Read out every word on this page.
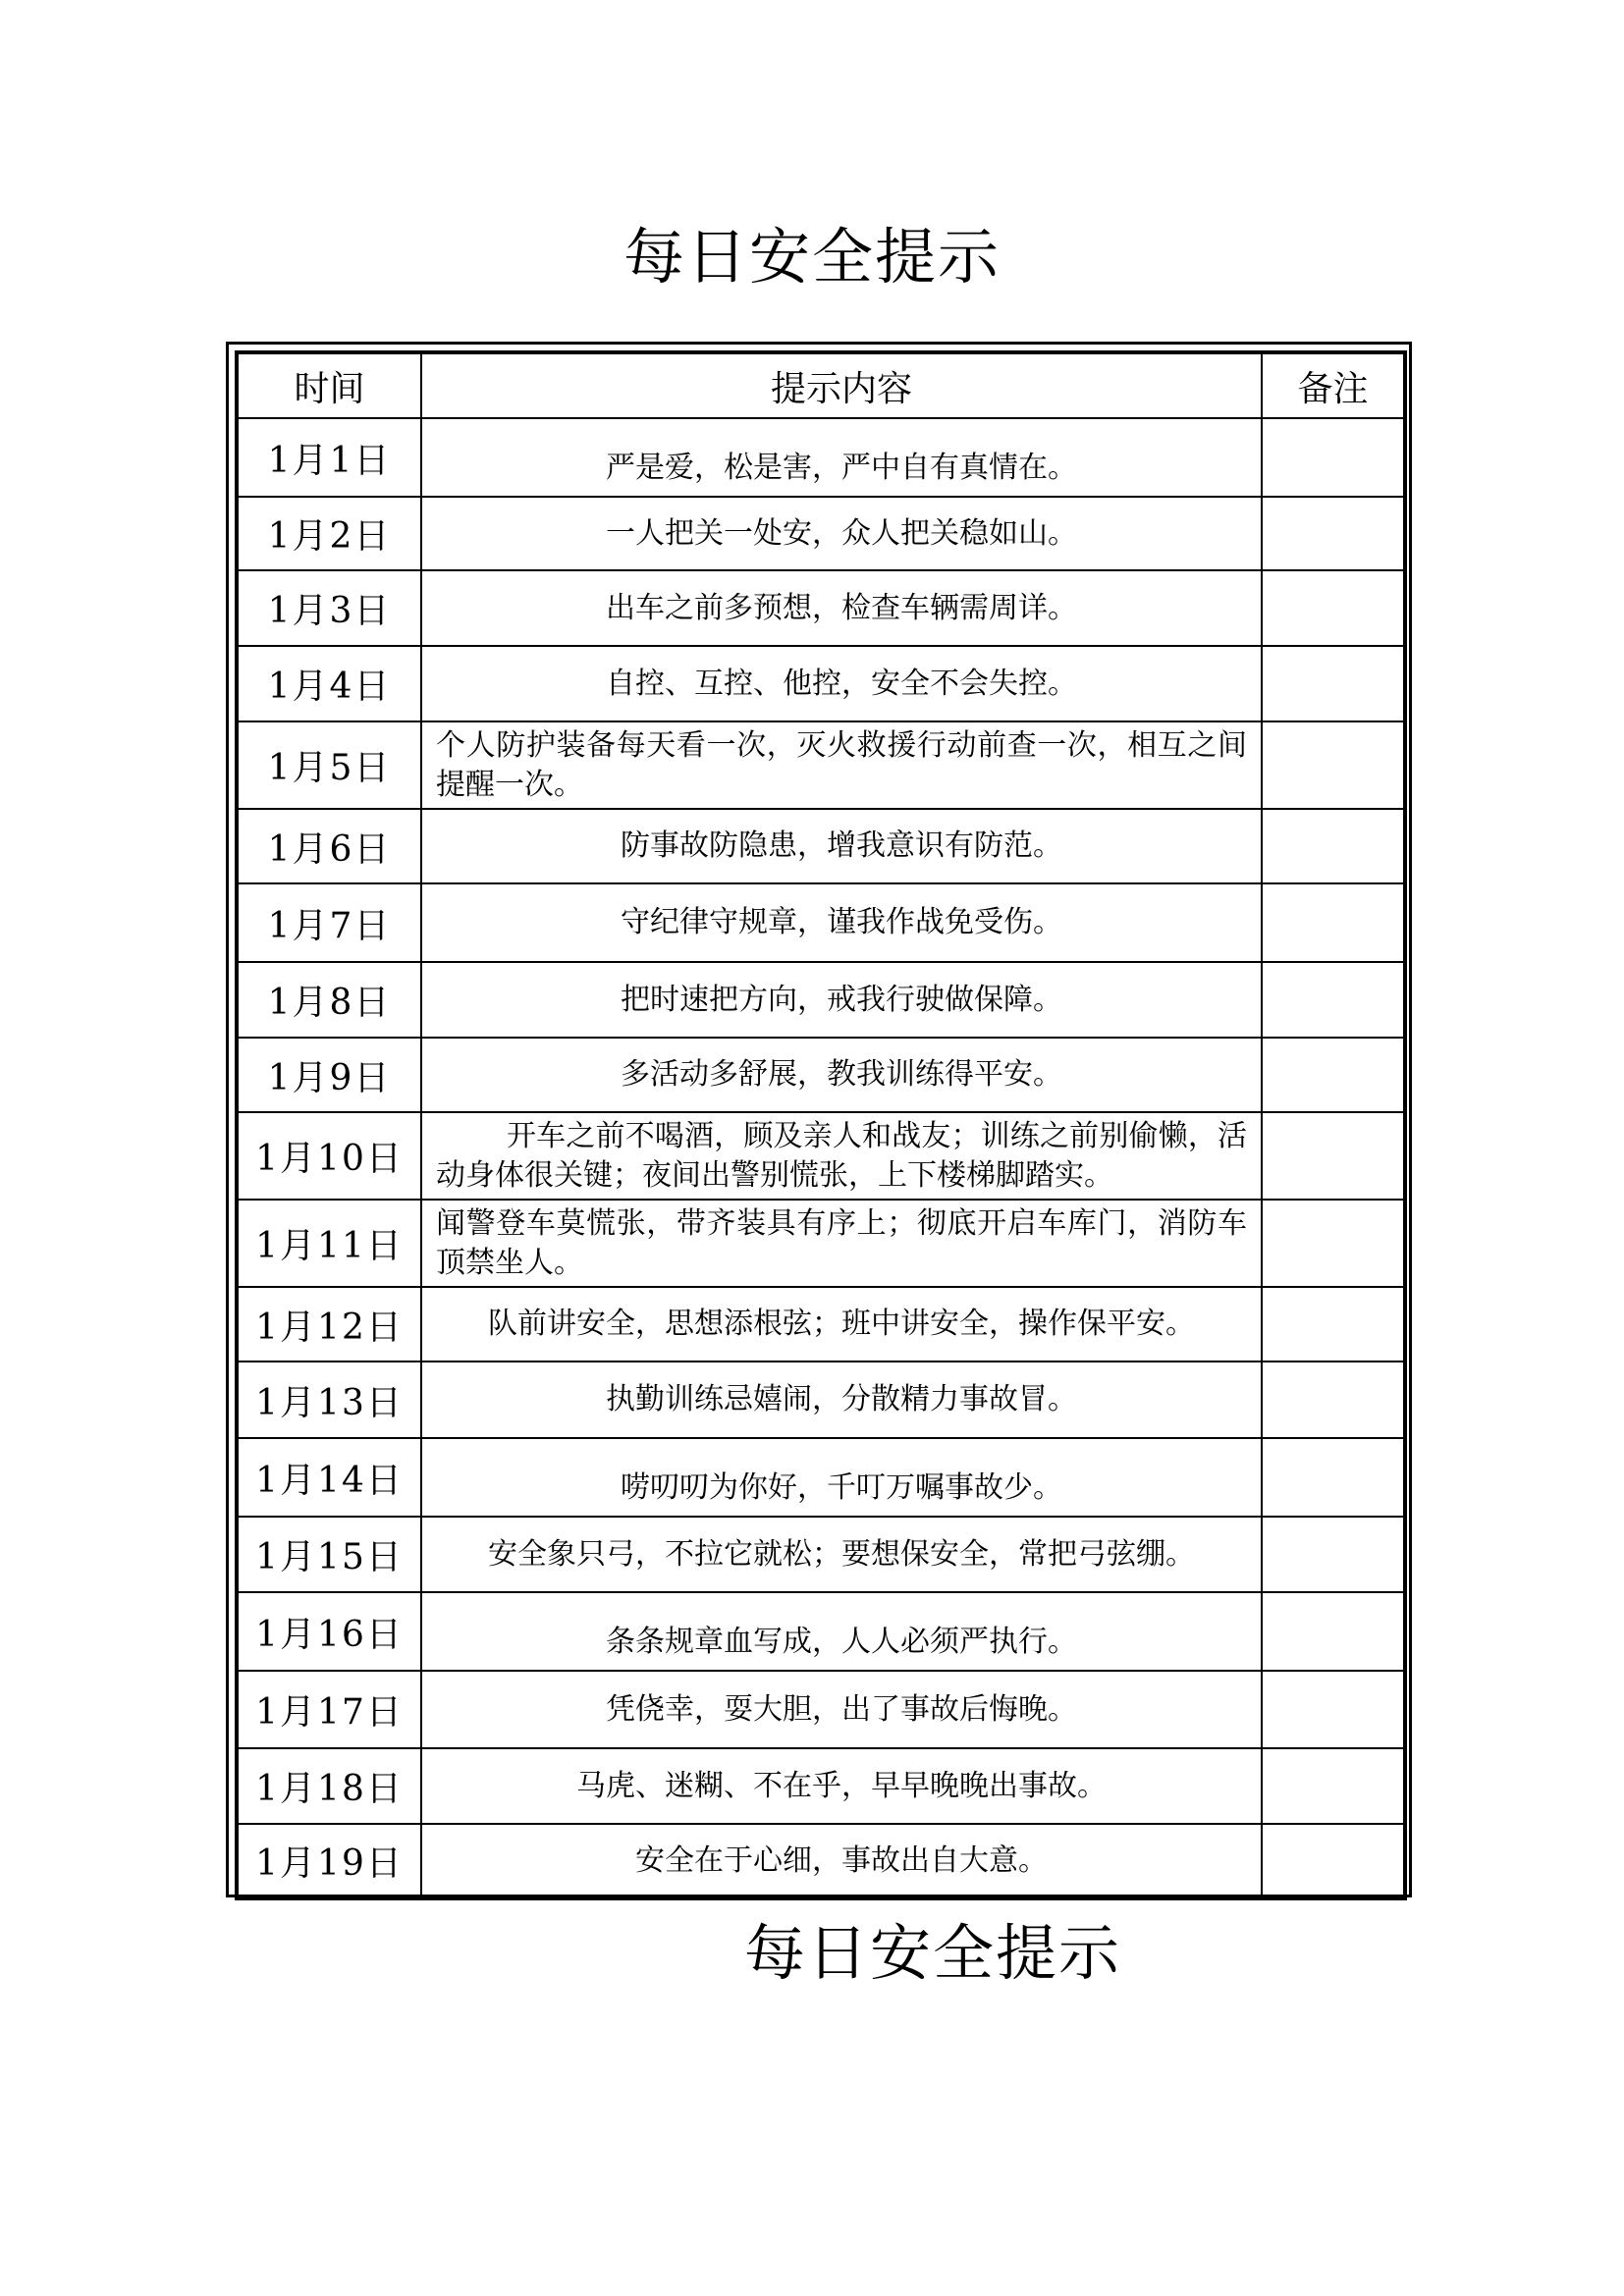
每日安全提示
时间	提示内容	备注
1月1日	严是爱，松是害，严中自有真情在。	
1月2日	一人把关一处安，众人把关稳如山。	
1月3日	出车之前多预想，检查车辆需周详。	
1月4日	自控、互控、他控，安全不会失控。	
1月5日	个人防护装备每天看一次，灭火救援行动前查一次，相互之间提醒一次。	
1月6日	防事故防隐患，增我意识有防范。	
1月7日	守纪律守规章，谨我作战免受伤。	
1月8日	把时速把方向，戒我行驶做保障。	
1月9日	多活动多舒展，教我训练得平安。	
1月10日	开车之前不喝酒，顾及亲人和战友；训练之前别偷懒，活动身体很关键；夜间出警别慌张，上下楼梯脚踏实。	
1月11日	闻警登车莫慌张，带齐装具有序上；彻底开启车库门，消防车顶禁坐人。	
1月12日	队前讲安全，思想添根弦；班中讲安全，操作保平安。	
1月13日	执勤训练忌嬉闹，分散精力事故冒。	
1月14日	唠叨叨为你好，千叮万嘱事故少。	
1月15日	安全象只弓，不拉它就松；要想保安全，常把弓弦绷。	
1月16日	条条规章血写成，人人必须严执行。	
1月17日	凭侥幸，耍大胆，出了事故后悔晚。	
1月18日	马虎、迷糊、不在乎，早早晚晚出事故。	
1月19日	安全在于心细，事故出自大意。	
每日安全提示
